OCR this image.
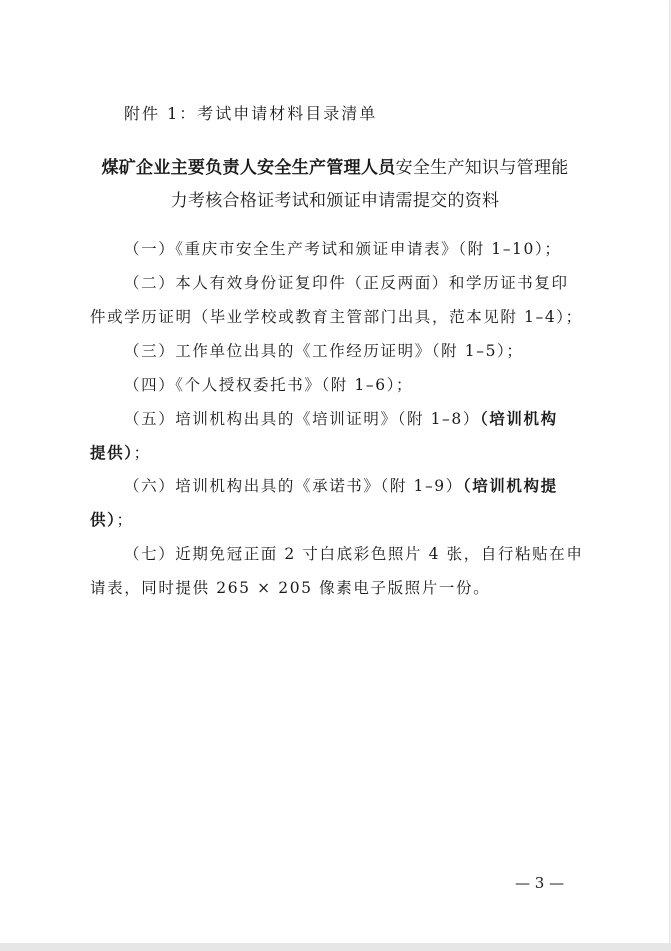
附件 1：考试申请材料目录清单
煤矿企业主要负责人安全生产管理人员安全生产知识与管理能
力考核合格证考试和颁证申请需提交的资料
（一）《重庆市安全生产考试和颁证申请表》（附 1–10）；
（二）本人有效身份证复印件（正反两面）和学历证书复印
件或学历证明（毕业学校或教育主管部门出具，范本见附 1–4）；
（三）工作单位出具的《工作经历证明》（附 1–5）；
（四）《个人授权委托书》（附 1–6）；
（五）培训机构出具的《培训证明》（附 1–8）（培训机构
提供）；
（六）培训机构出具的《承诺书》（附 1–9）（培训机构提
供）；
（七）近期免冠正面 2 寸白底彩色照片 4 张，自行粘贴在申
请表，同时提供 265 × 205 像素电子版照片一份。
— 3 —
